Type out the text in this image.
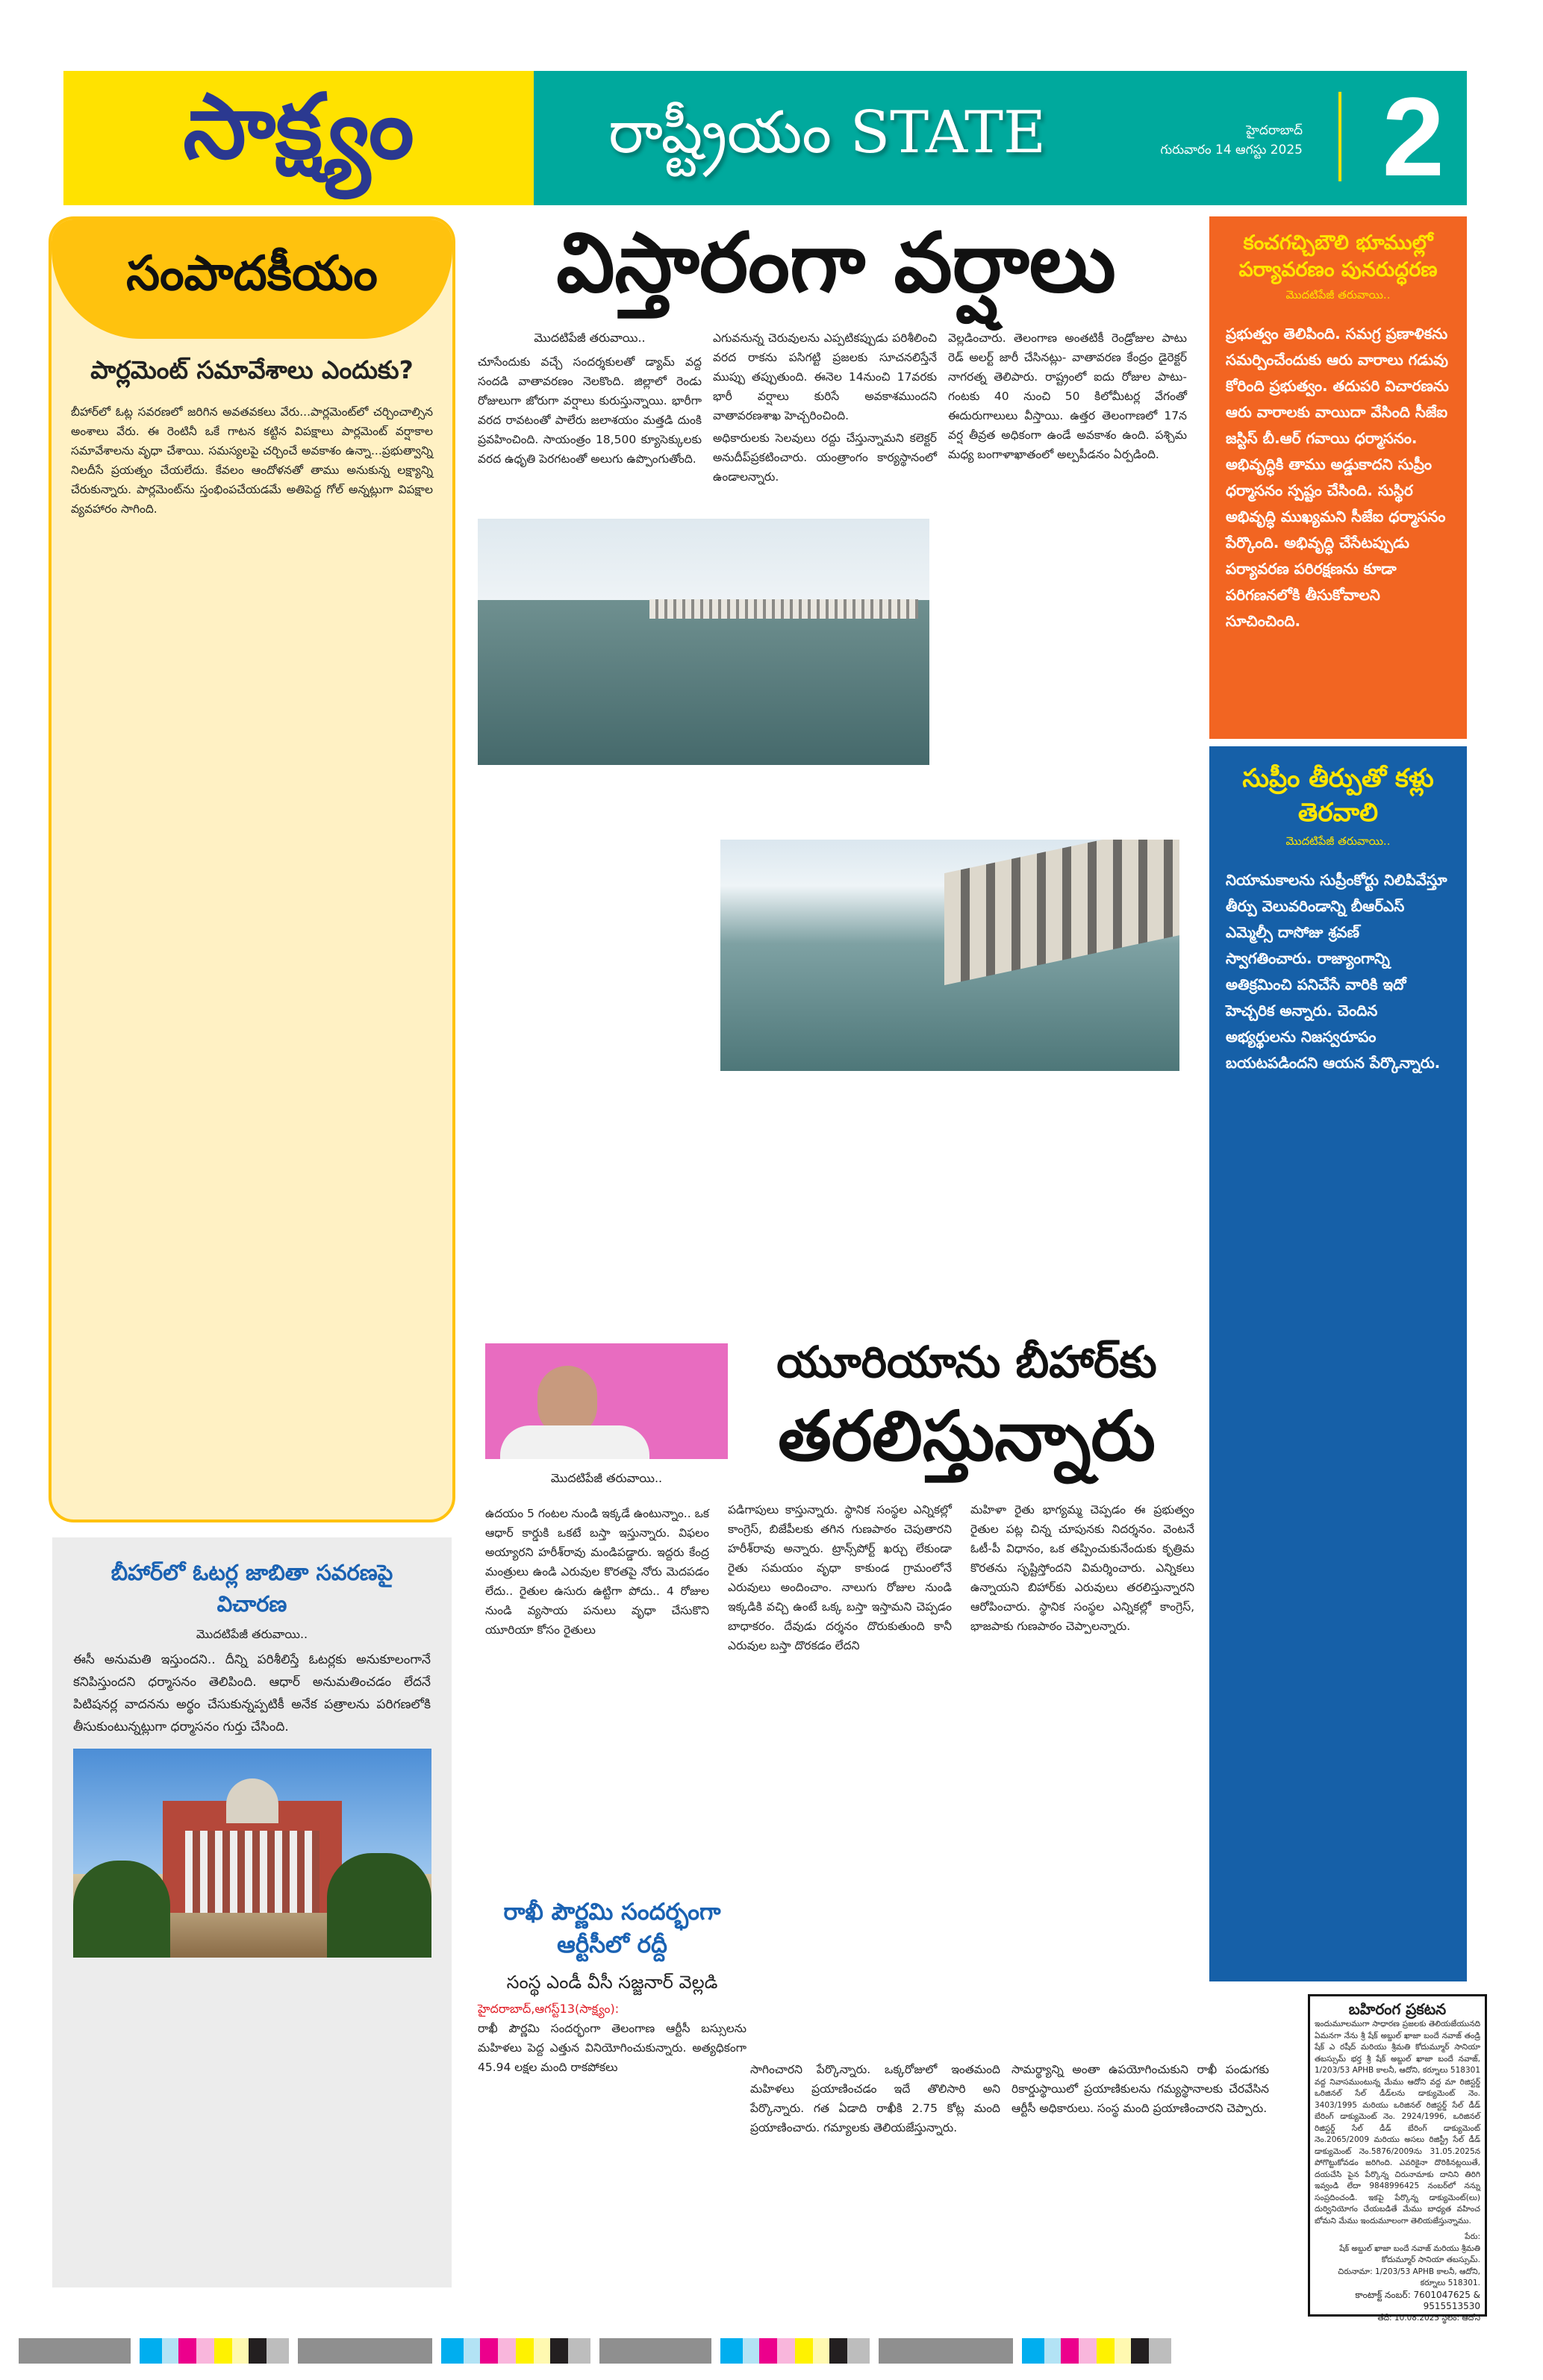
సాక్ష్యం	రాష్ట్రీయం STATE	హైదరాబాద్
గురువారం 14 ఆగస్టు 2025 2
సంపాదకీయం
పార్లమెంట్ సమావేశాలు ఎందుకు?

బీహార్‌లో ఓట్ల సవరణలో జరిగిన అవతవకలు వేరు...పార్లమెంట్‌లో చర్చించాల్సిన అంశాలు వేరు. ఈ రెంటినీ ఒకే గాటన కట్టిన విపక్షాలు పార్లమెంట్ వర్షాకాల సమావేశాలను వృధా చేశాయి. సమస్యలపై చర్చించే అవకాశం ఉన్నా...ప్రభుత్వాన్ని నిలదీసే ప్రయత్నం చేయలేదు. కేవలం ఆందోళనతో తాము అనుకున్న లక్ష్యాన్ని చేరుకున్నారు. పార్లమెంట్‌ను స్తంభింపచేయడమే అతిపెద్ద గోల్ అన్నట్లుగా విపక్షాల వ్యవహారం సాగింది.

బీహార్‌లో ఓటర్ల జాబితా సవరణపై విచారణ
మొదటిపేజీ తరువాయి..
ఈసీ అనుమతి ఇస్తుందని.. దీన్ని పరిశీలిస్తే ఓటర్లకు అనుకూలంగానే కనిపిస్తుందని ధర్మాసనం తెలిపింది. ఆధార్ అనుమతించడం లేదనే పిటిషనర్ల వాదనను అర్థం చేసుకున్నప్పటికీ అనేక పత్రాలను పరిగణలోకి తీసుకుంటున్నట్లుగా ధర్మాసనం గుర్తు చేసింది.
విస్తారంగా వర్షాలు
మొదటిపేజీ తరువాయి..

చూసేందుకు వచ్చే సందర్శకులతో డ్యామ్ వద్ద సందడి వాతావరణం నెలకొంది. జిల్లాలో రెండు రోజులుగా జోరుగా వర్షాలు కురుస్తున్నాయి. భారీగా వరద రావటంతో పాలేరు జలాశయం మత్తడి దుంకి ప్రవహించింది. సాయంత్రం 18,500 క్యూసెక్కులకు వరద ఉధృతి పెరగటంతో అలుగు ఉప్పొంగుతోంది.

ఎగువనున్న చెరువులను ఎప్పటికప్పుడు పరిశీలించి వరద రాకను పసిగట్టి ప్రజలకు సూచనలిస్తేనే ముప్పు తప్పుతుంది. ఈనెల 14నుంచి 17వరకు భారీ వర్షాలు కురిసే అవకాశముందని వాతావరణశాఖ హెచ్చరించింది.

అధికారులకు సెలవులు రద్దు చేస్తున్నామని కలెక్టర్ అనుదీప్‌ప్రకటించారు. యంత్రాంగం కార్యస్థానంలో ఉండాలన్నారు.

వెల్లడించారు. తెలంగాణ అంతటికీ రెండ్రోజుల పాటు రెడ్ అలర్ట్ జారీ చేసినట్లు- వాతావరణ కేంద్రం డైరెక్టర్ నాగరత్న తెలిపారు. రాష్ట్రంలో ఐదు రోజుల పాటు- గంటకు 40 నుంచి 50 కిలోమీటర్ల వేగంతో ఈదురుగాలులు వీస్తాయి. ఉత్తర తెలంగాణలో 17న వర్ష తీవ్రత అధికంగా ఉండే అవకాశం ఉంది. పశ్చిమ మధ్య బంగాళాఖాతంలో అల్పపీడనం ఏర్పడింది.

మొదటిపేజీ తరువాయి..
యూరియాను బీహార్‌కు
తరలిస్తున్నారు
ఉదయం 5 గంటల నుండి ఇక్కడే ఉంటున్నాం.. ఒక ఆధార్ కార్డుకి ఒకటే బస్తా ఇస్తున్నారు. విఫలం అయ్యారని హరీశ్‌రావు మండిపడ్డారు. ఇద్దరు కేంద్ర మంత్రులు ఉండి ఎరువుల కొరతపై నోరు మెదపడం లేదు.. రైతుల ఉసురు ఉట్టిగా పోదు.. 4 రోజుల నుండి వ్యసాయ పనులు వృధా చేసుకొని యూరియా కోసం రైతులు
పడిగాపులు కాస్తున్నారు. స్థానిక సంస్థల ఎన్నికల్లో కాంగ్రెస్, బిజేపీలకు తగిన గుణపాఠం చెపుతారని హరీశ్‌రావు అన్నారు. ట్రాన్స్‌పోర్ట్ ఖర్చు లేకుండా రైతు సమయం వృధా కాకుండ గ్రామంలోనే ఎరువులు అందించాం. నాలుగు రోజుల నుండి ఇక్కడికి వచ్చి ఉంటే ఒక్క బస్తా ఇస్తామని చెప్పడం బాధాకరం. దేవుడు దర్శనం దొరుకుతుంది కానీ ఎరువుల బస్తా దొరకడం లేదని
మహిళా రైతు భాగ్యమ్మ చెప్పడం ఈ ప్రభుత్వం రైతుల పట్ల చిన్న చూపునకు నిదర్శనం. వెంటనే ఓటీ-పీ విధానం, ఒక తప్పించుకునేందుకు కృత్రిమ కొరతను సృష్టిస్తోందని విమర్శించారు. ఎన్నికలు ఉన్నాయని బిహార్‌కు ఎరువులు తరలిస్తున్నారని ఆరోపించారు. స్థానిక సంస్థల ఎన్నికల్లో కాంగ్రెస్, భాజపాకు గుణపాఠం చెప్పాలన్నారు.
రాఖీ పౌర్ణమి సందర్భంగా ఆర్టీసీలో రద్దీ
సంస్థ ఎండీ వీసీ సజ్జనార్ వెల్లడి
హైదరాబాద్,ఆగస్ట్13(సాక్ష్యం):
రాఖీ పౌర్ణమి సందర్భంగా తెలంగాణ ఆర్టీసీ బస్సులను మహిళలు పెద్ద ఎత్తున వినియోగించుకున్నారు. అత్యధికంగా 45.94 లక్షల మంది రాకపోకలు	సాగించారని పేర్కొన్నారు. ఒక్కరోజులో ఇంతమంది మహిళలు ప్రయాణించడం ఇదే తొలిసారి అని పేర్కొన్నారు. గత ఏడాది రాఖీకి 2.75 కోట్ల మంది ప్రయాణించారు. గమ్యాలకు తెలియజేస్తున్నారు.
సామర్థ్యాన్ని అంతా ఉపయోగించుకుని రాఖీ పండుగకు రికార్డుస్థాయిలో ప్రయాణికులను గమ్యస్థానాలకు చేరవేసిన ఆర్టీసీ అధికారులు. సంస్థ మంది ప్రయాణించారని చెప్పారు.
కంచగచ్చిబౌలి భూముల్లో పర్యావరణం పునరుద్ధరణ
మొదటిపేజీ తరువాయి..
ప్రభుత్వం తెలిపింది. సమగ్ర ప్రణాళికను సమర్పించేందుకు ఆరు వారాలు గడువు కోరింది ప్రభుత్వం. తదుపరి విచారణను ఆరు వారాలకు వాయిదా వేసింది సీజేఐ జస్టిస్ బీ.ఆర్ గవాయి ధర్మాసనం. అభివృద్ధికి తాము అడ్డుకాదని సుప్రీం ధర్మాసనం స్పష్టం చేసింది. సుస్థిర అభివృద్ధి ముఖ్యమని సీజేఐ ధర్మాసనం పేర్కొంది. అభివృద్ధి చేసేటప్పుడు పర్యావరణ పరిరక్షణను కూడా పరిగణనలోకి తీసుకోవాలని సూచించింది.
సుప్రీం తీర్పుతో కళ్లు తెరవాలి
మొదటిపేజీ తరువాయి..
నియామకాలను సుప్రీంకోర్టు నిలిపివేస్తూ తీర్పు వెలువరిండాన్ని బీఆర్ఎస్ ఎమ్మెల్సీ దాసోజు శ్రవణ్ స్వాగతించారు. రాజ్యాంగాన్ని అతిక్రమించి పనిచేసే వారికి ఇదో హెచ్చరిక అన్నారు. చెందిన అభ్యర్థులను నిజస్వరూపం బయటపడిందని ఆయన పేర్కొన్నారు.
బహిరంగ ప్రకటన
ఇందుమూలముగా సాధారణ ప్రజలకు తెలియజేయునది ఏమనగా నేను శ్రీ షేక్ అబ్దుల్ ఖాజా బందే నవాజ్ తండ్రి షేక్ ఎ రషీద్ మరియు శ్రీమతి కోదుమ్మూర్ సానియా తబస్సుమ్ భర్త శ్రీ షేక్ అబ్దుల్ ఖాజా బందే నవాజ్, 1/203/53 APHB కాలనీ, ఆదోని, కర్నూలు 518301 వద్ద నివాసముంటున్న మేము ఆదోని వద్ద మా రిజిస్టర్డ్ ఒరిజినల్ సేల్ డీడ్‌లను డాక్యుమెంట్ నెం. 3403/1995 మరియు ఒరిజినల్ రిజిస్టర్డ్ సేల్ డీడ్ బేరింగ్ డాక్యుమెంట్ నెం. 2924/1996, ఒరిజినల్ రిజిస్టర్డ్ సేల్ డీడ్ బేరింగ్ డాక్యుమెంట్ నెం.2065/2009 మరియు అసలు రిజిస్ట్రీ సేల్ డీడ్ డాక్యుమెంట్ నెం.5876/2009ను 31.05.2025న పోగొట్టుకోవడం జరిగింది. ఎవరికైనా దొరికినట్లయితే, దయచేసి పైన పేర్కొన్న చిరునామాకు దానిని తిరిగి ఇవ్వండి లేదా 9848996425 నంబర్‌లో నన్ను సంప్రదించండి. ఇకపై పేర్కొన్న డాక్యుమెంట్(లు) దుర్వినియోగం చేయబడితే మేము బాధ్యత వహించ బోమని మేము ఇందుమూలంగా తెలియజేస్తున్నాము.
పేరు:
షేక్ అబ్దుల్ ఖాజా బందే నవాజ్ మరియు శ్రీమతి కోదుమ్మూర్ సానియా తబస్సుమ్.
చిరునామా: 1/203/53 APHB కాలనీ, ఆదోని, కర్నూలు 518301.
కాంటాక్ట్ నంబర్: 7601047625 & 9515513530
తేదీ: 10.08.2025 స్థలం: ఆదోని
